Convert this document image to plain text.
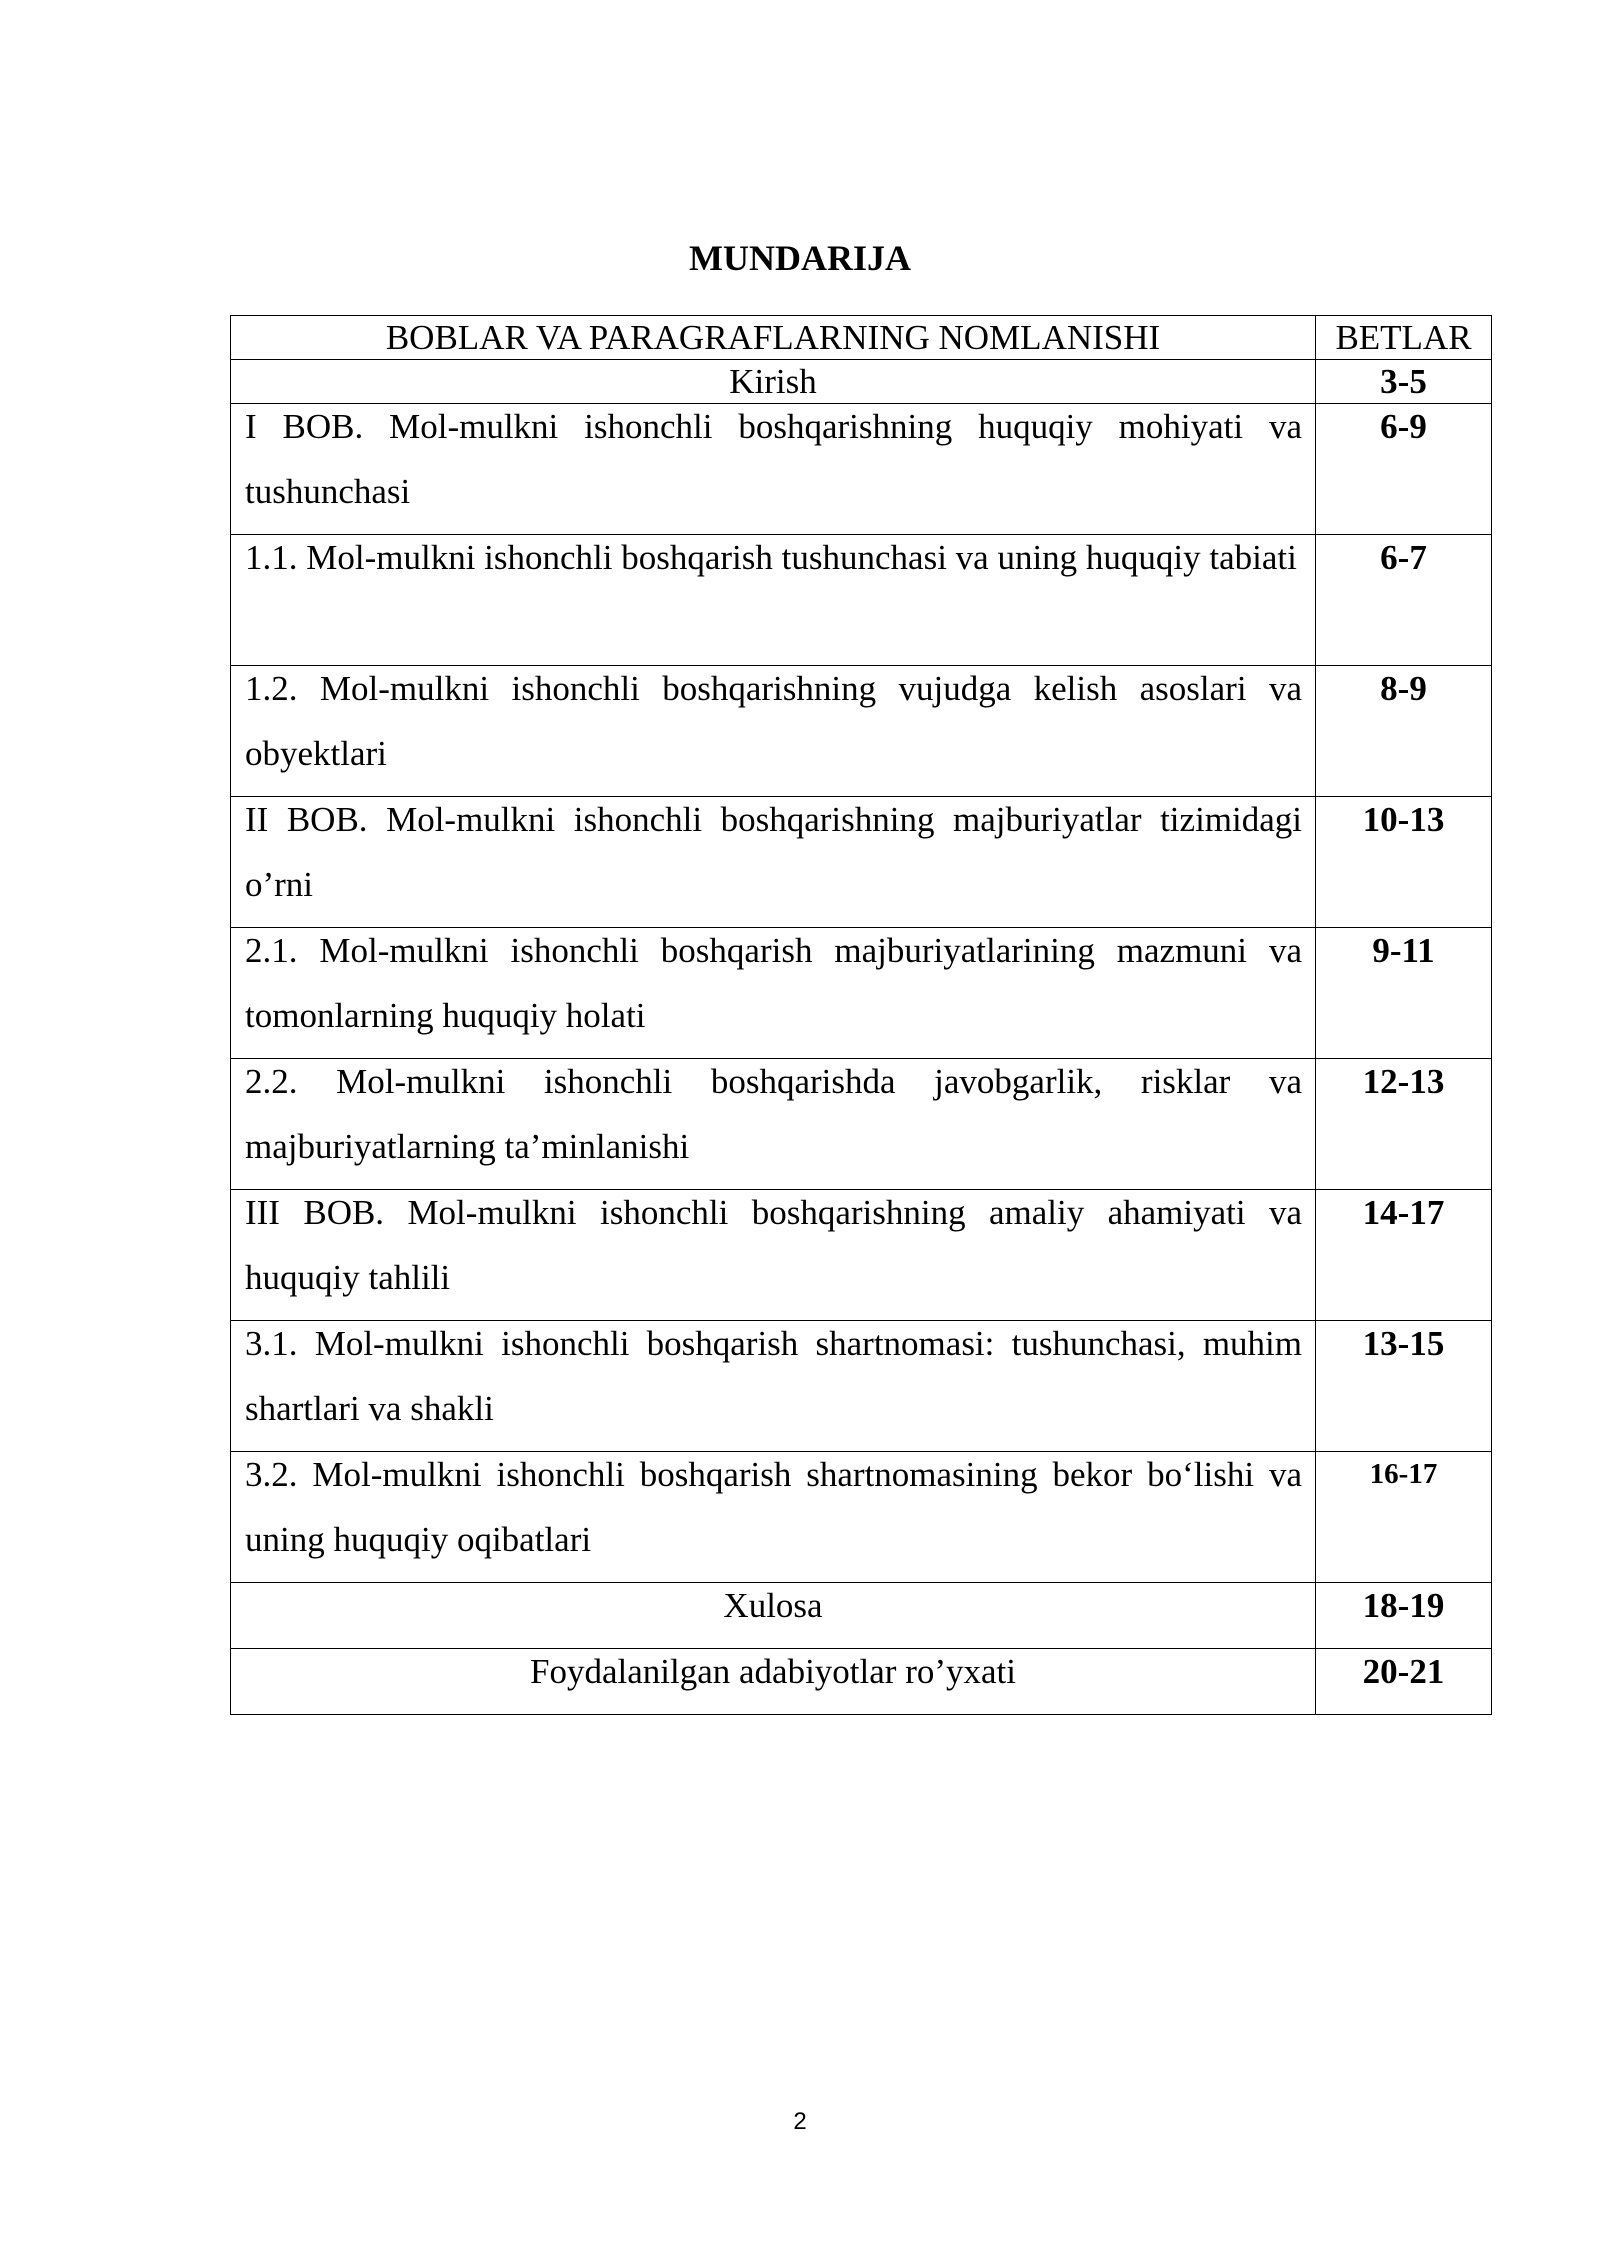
MUNDARIJA
BOBLAR VA PARAGRAFLARNING NOMLANISHI	BETLAR
Kirish	3-5

I BOB. Mol-mulkni ishonchli boshqarishning huquqiy mohiyati va tushunchasi	6-9

1.1. Mol-mulkni ishonchli boshqarish tushunchasi va uning huquqiy tabiati	6-7

1.2. Mol-mulkni ishonchli boshqarishning vujudga kelish asoslari va obyektlari	8-9

II BOB. Mol-mulkni ishonchli boshqarishning majburiyatlar tizimidagi o’rni	10-13

2.1. Mol-mulkni ishonchli boshqarish majburiyatlarining mazmuni va tomonlarning huquqiy holati	9-11

2.2. Mol-mulkni ishonchli boshqarishda javobgarlik, risklar va majburiyatlarning ta’minlanishi	12-13

III BOB. Mol-mulkni ishonchli boshqarishning amaliy ahamiyati va huquqiy tahlili	14-17

3.1. Mol-mulkni ishonchli boshqarish shartnomasi: tushunchasi, muhim shartlari va shakli	13-15

3.2. Mol-mulkni ishonchli boshqarish shartnomasining bekor bo‘lishi va uning huquqiy oqibatlari	16-17

Xulosa	18-19

Foydalanilgan adabiyotlar ro’yxati	20-21
2
